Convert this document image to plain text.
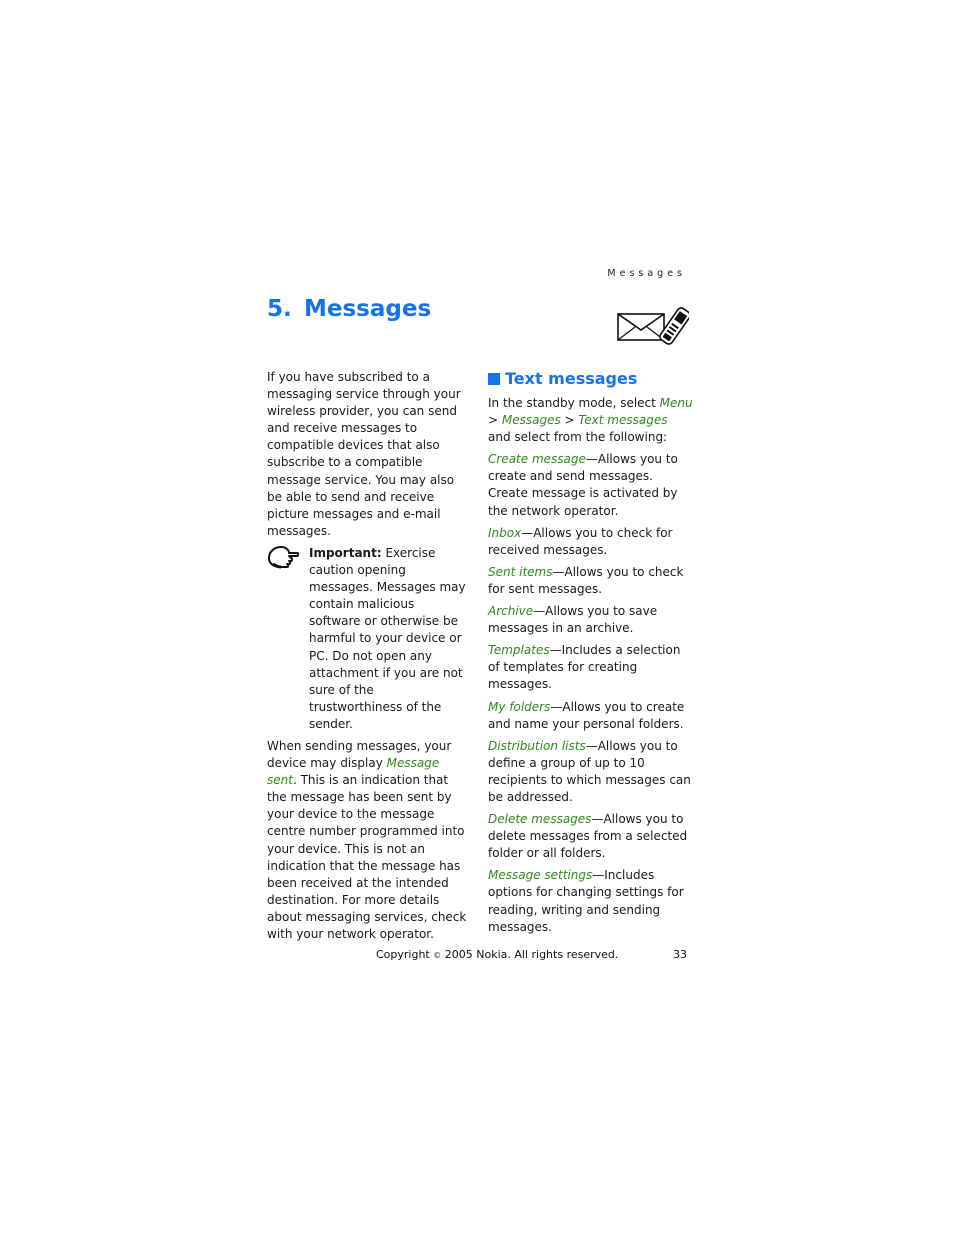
Messages
5. Messages

If you have subscribed to a messaging service through your wireless provider, you can send and receive messages to compatible devices that also subscribe to a compatible message service. You may also be able to send and receive picture messages and e-mail messages.

Important: Exercise caution opening messages. Messages may contain malicious software or otherwise be harmful to your device or PC. Do not open any attachment if you are not sure of the trustworthiness of the sender.

When sending messages, your device may display Message sent. This is an indication that the message has been sent by your device to the message centre number programmed into your device. This is not an indication that the message has been received at the intended destination. For more details about messaging services, check with your network operator.

Text messages

In the standby mode, select Menu > Messages > Text messages and select from the following:

Create message—Allows you to create and send messages. Create message is activated by the network operator.

Inbox—Allows you to check for received messages.

Sent items—Allows you to check for sent messages.

Archive—Allows you to save messages in an archive.

Templates—Includes a selection of templates for creating messages.

My folders—Allows you to create and name your personal folders.

Distribution lists—Allows you to define a group of up to 10 recipients to which messages can be addressed.

Delete messages—Allows you to delete messages from a selected folder or all folders.

Message settings—Includes options for changing settings for reading, writing and sending messages.

Copyright © 2005 Nokia. All rights reserved.	33
